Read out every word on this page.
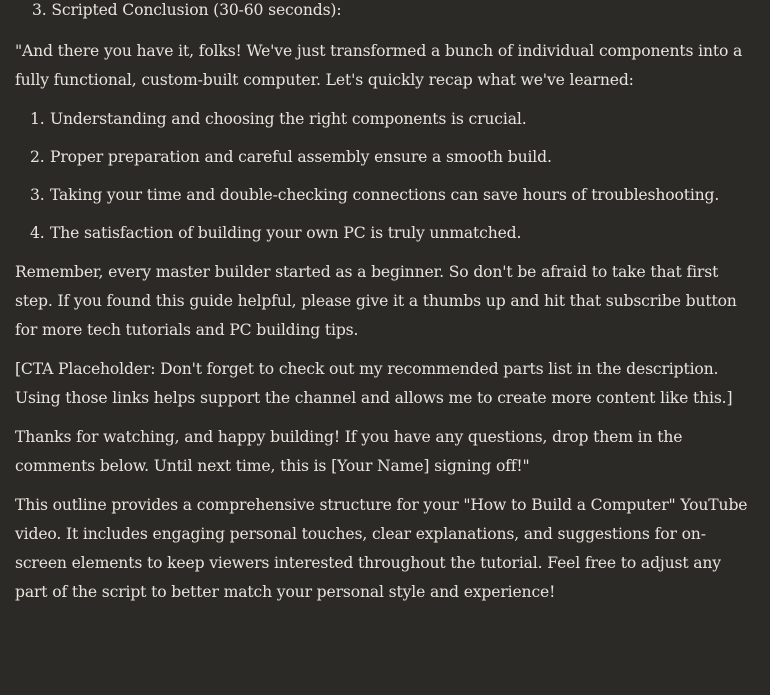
3. Scripted Conclusion (30-60 seconds):

"And there you have it, folks! We've just transformed a bunch of individual components into a fully functional, custom-built computer. Let's quickly recap what we've learned:

1. Understanding and choosing the right components is crucial.
2. Proper preparation and careful assembly ensure a smooth build.
3. Taking your time and double-checking connections can save hours of troubleshooting.
4. The satisfaction of building your own PC is truly unmatched.

Remember, every master builder started as a beginner. So don't be afraid to take that first step. If you found this guide helpful, please give it a thumbs up and hit that subscribe button for more tech tutorials and PC building tips.

[CTA Placeholder: Don't forget to check out my recommended parts list in the description. Using those links helps support the channel and allows me to create more content like this.]

Thanks for watching, and happy building! If you have any questions, drop them in the comments below. Until next time, this is [Your Name] signing off!"

This outline provides a comprehensive structure for your "How to Build a Computer" YouTube video. It includes engaging personal touches, clear explanations, and suggestions for on-screen elements to keep viewers interested throughout the tutorial. Feel free to adjust any part of the script to better match your personal style and experience!
